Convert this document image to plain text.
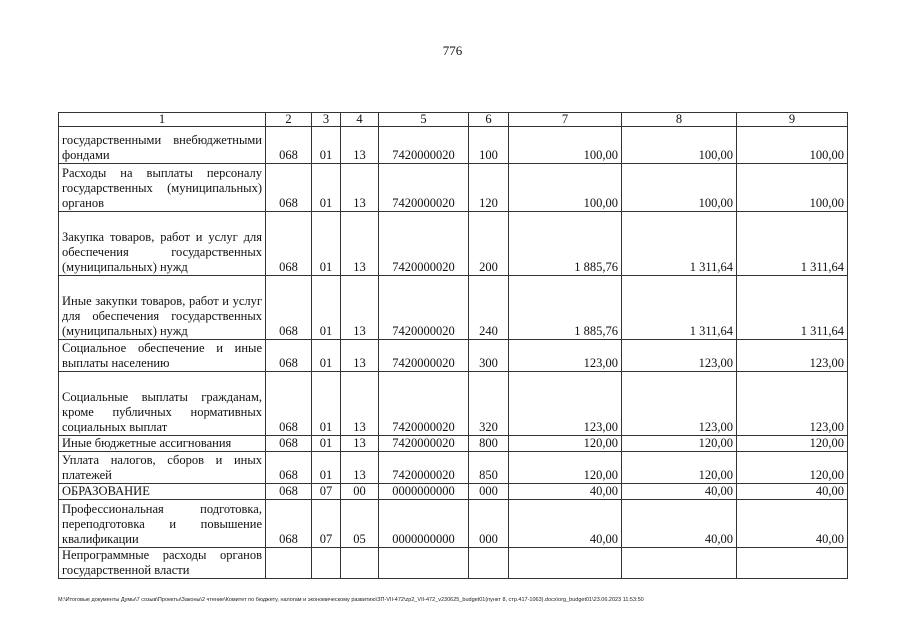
776
1	2	3	4	5	6	7	8	9
государственными внебюджетными фондами	068	01	13	7420000020	100	100,00	100,00	100,00
Расходы на выплаты персоналу государственных (муниципальных) органов	068	01	13	7420000020	120	100,00	100,00	100,00
Закупка товаров, работ и услуг для обеспечения государственных (муниципальных) нужд	068	01	13	7420000020	200	1 885,76	1 311,64	1 311,64
Иные закупки товаров, работ и услуг для обеспечения государственных (муниципальных) нужд	068	01	13	7420000020	240	1 885,76	1 311,64	1 311,64
Социальное обеспечение и иные выплаты населению	068	01	13	7420000020	300	123,00	123,00	123,00
Социальные выплаты гражданам, кроме публичных нормативных социальных выплат	068	01	13	7420000020	320	123,00	123,00	123,00
Иные бюджетные ассигнования	068	01	13	7420000020	800	120,00	120,00	120,00
Уплата налогов, сборов и иных платежей	068	01	13	7420000020	850	120,00	120,00	120,00
ОБРАЗОВАНИЕ	068	07	00	0000000000	000	40,00	40,00	40,00
Профессиональная подготовка, переподготовка и повышение квалификации	068	07	05	0000000000	000	40,00	40,00	40,00
Непрограммные расходы органов государственной власти								
М:\Итоговые документы Думы\7 созыв\Проекты\Законы\2 чтение\Комитет по бюджету, налогам и экономическому развитию\ЗП-VII-472\zp2_VII-472_v230625_budget01(пункт 8, стр.417-1063).docx\org_budget01\23.06.2023 11:53:50
